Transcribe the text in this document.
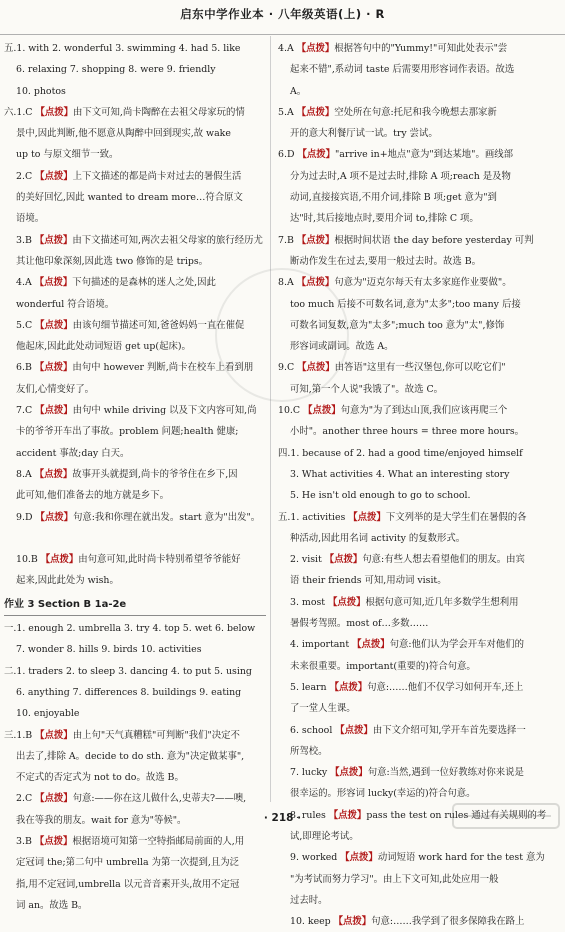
启东中学作业本 · 八年级英语(上) · R
五.1. with 2. wonderful 3. swimming 4. had 5. like
6. relaxing 7. shopping 8. were 9. friendly
10. photos
六.1.C 【点拨】由下文可知,尚卡陶醉在去祖父母家玩的情
景中,因此判断,他不愿意从陶醉中回到现实,故 wake
up to 与原文细节一致。
2.C 【点拨】上下文描述的都是尚卡对过去的暑假生活
的美好回忆,因此 wanted to dream more…符合原文
语境。
3.B 【点拨】由下文描述可知,两次去祖父母家的旅行经历尤
其让他印象深刻,因此选 two 修饰的是 trips。
4.A 【点拨】下句描述的是森林的迷人之处,因此
wonderful 符合语境。
5.C 【点拨】由该句细节描述可知,爸爸妈妈一直在催促
他起床,因此此处动词短语 get up(起床)。
6.B 【点拨】由句中 however 判断,尚卡在校车上看到朋
友们,心情变好了。
7.C 【点拨】由句中 while driving 以及下文内容可知,尚
卡的爷爷开车出了事故。problem 问题;health 健康;
accident 事故;day 白天。
8.A 【点拨】故事开头就提到,尚卡的爷爷住在乡下,因
此可知,他们准备去的地方就是乡下。
9.D 【点拨】句意:我和你理在就出发。start 意为"出发"。
10.B 【点拨】由句意可知,此时尚卡特别希望爷爷能好
起来,因此此处为 wish。
作业 3 Section B 1a-2e
一.1. enough 2. umbrella 3. try 4. top 5. wet 6. below
7. wonder 8. hills 9. birds 10. activities
二.1. traders 2. to sleep 3. dancing 4. to put 5. using
6. anything 7. differences 8. buildings 9. eating
10. enjoyable
三.1.B 【点拨】由上句"天气真糟糕"可判断"我们"决定不
出去了,排除 A。decide to do sth. 意为"决定做某事",
不定式的否定式为 not to do。故选 B。
2.C 【点拨】句意:——你在这儿做什么,史蒂夫?——噢,
我在等我的朋友。wait for 意为"等候"。
3.B 【点拨】根据语境可知第一空特指邮局前面的人,用
定冠词 the;第二句中 umbrella 为第一次提到,且为泛
指,用不定冠词,umbrella 以元音音素开头,故用不定冠
词 an。故选 B。
4.A 【点拨】根据答句中的"Yummy!"可知此处表示"尝
起来不错",系动词 taste 后需要用形容词作表语。故选
A。
5.A 【点拨】空处所在句意:托尼和我今晚想去那家新
开的意大利餐厅试一试。try 尝试。
6.D 【点拨】"arrive in+地点"意为"到达某地"。画线部
分为过去时,A 项不是过去时,排除 A 项;reach 是及物
动词,直接接宾语,不用介词,排除 B 项;get 意为"到
达"时,其后接地点时,要用介词 to,排除 C 项。
7.B 【点拨】根据时间状语 the day before yesterday 可判
断动作发生在过去,要用一般过去时。故选 B。
8.A 【点拨】句意为"迈克尔每天有太多家庭作业要做"。
too much 后接不可数名词,意为"太多";too many 后接
可数名词复数,意为"太多";much too 意为"太",修饰
形容词或副词。故选 A。
9.C 【点拨】由答语"这里有一些汉堡包,你可以吃它们"
可知,第一个人说"我饿了"。故选 C。
10.C 【点拨】句意为"为了到达山顶,我们应该再爬三个
小时"。another three hours = three more hours。
四.1. because of 2. had a good time/enjoyed himself
3. What activities 4. What an interesting story
5. He isn't old enough to go to school.
五.1. activities 【点拨】下文列举的是大学生们在暑假的各
种活动,因此用名词 activity 的复数形式。
2. visit 【点拨】句意:有些人想去看望他们的朋友。由宾
语 their friends 可知,用动词 visit。
3. most 【点拨】根据句意可知,近几年多数学生想利用
暑假考驾照。most of…多数……
4. important 【点拨】句意:他们认为学会开车对他们的
未来很重要。important(重要的)符合句意。
5. learn 【点拨】句意:……他们不仅学习如何开车,还上
了一堂人生课。
6. school 【点拨】由下文介绍可知,学开车首先要选择一
所驾校。
7. lucky 【点拨】句意:当然,遇到一位好教练对你来说是
很幸运的。形容词 lucky(幸运的)符合句意。
8. rules 【点拨】pass the test on rules 通过有关规则的考
试,即理论考试。
9. worked 【点拨】动词短语 work hard for the test 意为
"为考试而努力学习"。由上下文可知,此处应用一般
过去时。
10. keep 【点拨】句意:……我学到了很多保障我在路上
· 218 ·
